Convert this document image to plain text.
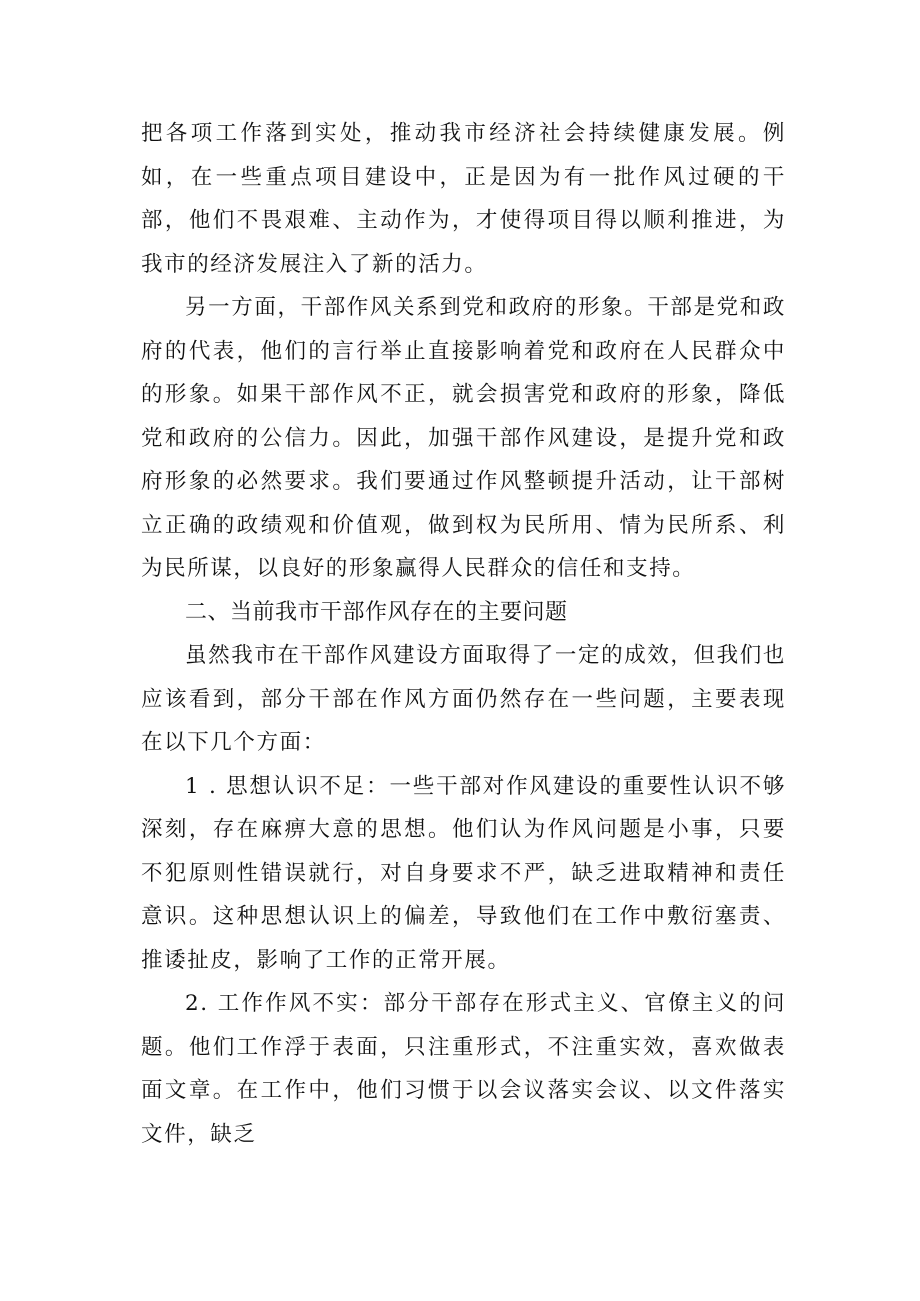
把各项工作落到实处，推动我市经济社会持续健康发展。例如，在一些重点项目建设中，正是因为有一批作风过硬的干部，他们不畏艰难、主动作为，才使得项目得以顺利推进，为我市的经济发展注入了新的活力。

另一方面，干部作风关系到党和政府的形象。干部是党和政府的代表，他们的言行举止直接影响着党和政府在人民群众中的形象。如果干部作风不正，就会损害党和政府的形象，降低党和政府的公信力。因此，加强干部作风建设，是提升党和政府形象的必然要求。我们要通过作风整顿提升活动，让干部树立正确的政绩观和价值观，做到权为民所用、情为民所系、利为民所谋，以良好的形象赢得人民群众的信任和支持。

二、当前我市干部作风存在的主要问题

虽然我市在干部作风建设方面取得了一定的成效，但我们也应该看到，部分干部在作风方面仍然存在一些问题，主要表现在以下几个方面：

1 . 思想认识不足：一些干部对作风建设的重要性认识不够深刻，存在麻痹大意的思想。他们认为作风问题是小事，只要不犯原则性错误就行，对自身要求不严，缺乏进取精神和责任意识。这种思想认识上的偏差，导致他们在工作中敷衍塞责、推诿扯皮，影响了工作的正常开展。

2. 工作作风不实：部分干部存在形式主义、官僚主义的问题。他们工作浮于表面，只注重形式，不注重实效，喜欢做表面文章。在工作中，他们习惯于以会议落实会议、以文件落实文件，缺乏
